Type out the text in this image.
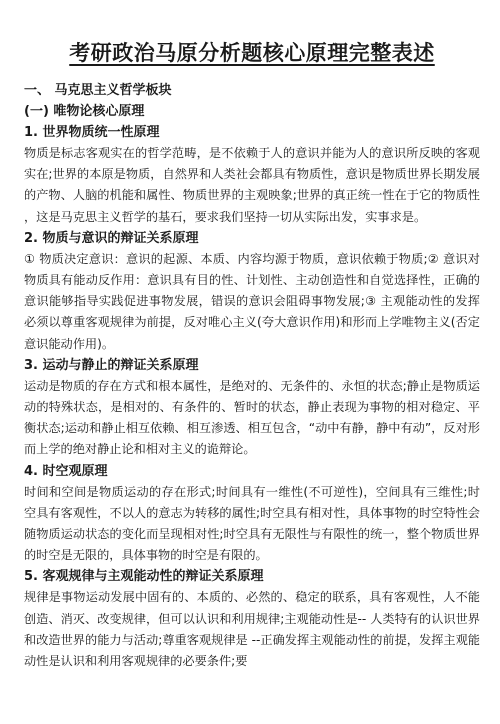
考研政治马原分析题核心原理完整表述
一、 马克思主义哲学板块
(一) 唯物论核心原理
1. 世界物质统一性原理
物质是标志客观实在的哲学范畴，是不依赖于人的意识并能为人的意识所反映的客观实在;世界的本原是物质，自然界和人类社会都具有物质性，意识是物质世界长期发展的产物、人脑的机能和属性、物质世界的主观映象;世界的真正统一性在于它的物质性，这是马克思主义哲学的基石，要求我们坚持一切从实际出发，实事求是。
2. 物质与意识的辩证关系原理
① 物质决定意识：意识的起源、本质、内容均源于物质，意识依赖于物质;② 意识对物质具有能动反作用：意识具有目的性、计划性、主动创造性和自觉选择性，正确的意识能够指导实践促进事物发展，错误的意识会阻碍事物发展;③ 主观能动性的发挥必须以尊重客观规律为前提，反对唯心主义(夸大意识作用)和形而上学唯物主义(否定意识能动作用)。
3. 运动与静止的辩证关系原理
运动是物质的存在方式和根本属性，是绝对的、无条件的、永恒的状态;静止是物质运动的特殊状态，是相对的、有条件的、暂时的状态，静止表现为事物的相对稳定、平衡状态;运动和静止相互依赖、相互渗透、相互包含，“动中有静，静中有动”，反对形而上学的绝对静止论和相对主义的诡辩论。
4. 时空观原理
时间和空间是物质运动的存在形式;时间具有一维性(不可逆性)，空间具有三维性;时空具有客观性，不以人的意志为转移的属性;时空具有相对性，具体事物的时空特性会随物质运动状态的变化而呈现相对性;时空具有无限性与有限性的统一，整个物质世界的时空是无限的，具体事物的时空是有限的。
5. 客观规律与主观能动性的辩证关系原理
规律是事物运动发展中固有的、本质的、必然的、稳定的联系，具有客观性，人不能创造、消灭、改变规律，但可以认识和利用规律;主观能动性是-- 人类特有的认识世界和改造世界的能力与活动;尊重客观规律是 --正确发挥主观能动性的前提，发挥主观能动性是认识和利用客观规律的必要条件;要
